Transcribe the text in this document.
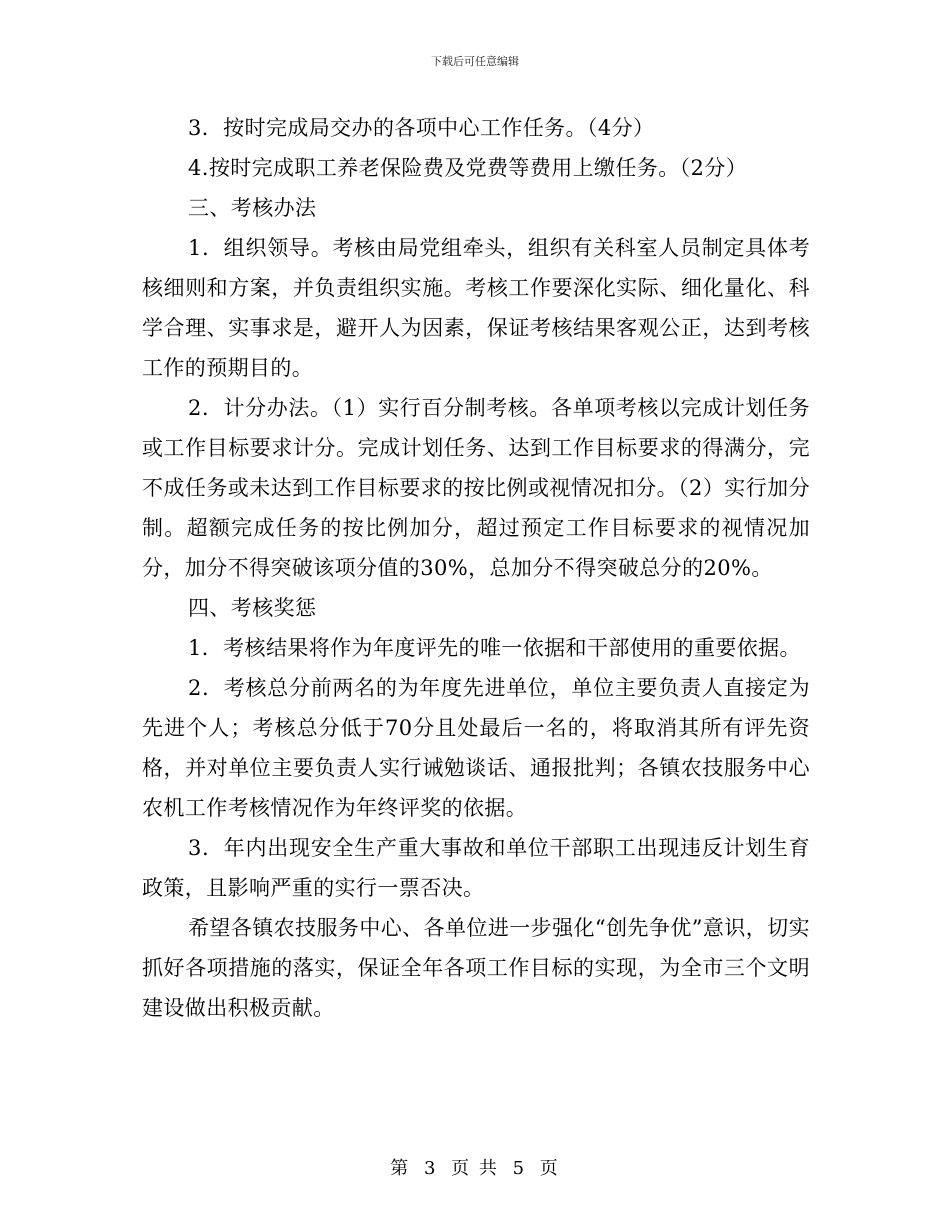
下载后可任意编辑

3．按时完成局交办的各项中心工作任务。（4分）

4.按时完成职工养老保险费及党费等费用上缴任务。（2分）

三、考核办法

1．组织领导。考核由局党组牵头，组织有关科室人员制定具体考核细则和方案，并负责组织实施。考核工作要深化实际、细化量化、科学合理、实事求是，避开人为因素，保证考核结果客观公正，达到考核工作的预期目的。

2．计分办法。（1）实行百分制考核。各单项考核以完成计划任务或工作目标要求计分。完成计划任务、达到工作目标要求的得满分，完不成任务或未达到工作目标要求的按比例或视情况扣分。（2）实行加分制。超额完成任务的按比例加分，超过预定工作目标要求的视情况加分，加分不得突破该项分值的30%，总加分不得突破总分的20%。

四、考核奖惩

1．考核结果将作为年度评先的唯一依据和干部使用的重要依据。

2．考核总分前两名的为年度先进单位，单位主要负责人直接定为先进个人；考核总分低于70分且处最后一名的，将取消其所有评先资格，并对单位主要负责人实行诫勉谈话、通报批判；各镇农技服务中心农机工作考核情况作为年终评奖的依据。

3．年内出现安全生产重大事故和单位干部职工出现违反计划生育政策，且影响严重的实行一票否决。

希望各镇农技服务中心、各单位进一步强化“创先争优”意识，切实抓好各项措施的落实，保证全年各项工作目标的实现，为全市三个文明建设做出积极贡献。

第 3 页 共 5 页
